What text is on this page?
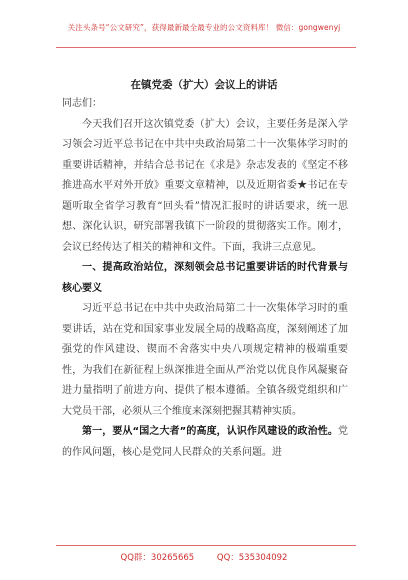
关注头条号“公文研究”，获得最新最全最专业的公文资料库！ 微信：gongwenyj
在镇党委（扩大）会议上的讲话

同志们：

今天我们召开这次镇党委（扩大）会议，主要任务是深入学习领会习近平总书记在中共中央政治局第二十一次集体学习时的重要讲话精神，并结合总书记在《求是》杂志发表的《坚定不移推进高水平对外开放》重要文章精神，以及近期省委★书记在专题听取全省学习教育“回头看”情况汇报时的讲话要求，统一思想、深化认识，研究部署我镇下一阶段的贯彻落实工作。刚才，会议已经传达了相关的精神和文件。下面，我讲三点意见。

一、提高政治站位，深刻领会总书记重要讲话的时代背景与核心要义

习近平总书记在中共中央政治局第二十一次集体学习时的重要讲话，站在党和国家事业发展全局的战略高度，深刻阐述了加强党的作风建设、锲而不舍落实中央八项规定精神的极端重要性，为我们在新征程上纵深推进全面从严治党以优良作风凝聚奋进力量指明了前进方向、提供了根本遵循。全镇各级党组织和广大党员干部，必须从三个维度来深刻把握其精神实质。

第一，要从“国之大者”的高度，认识作风建设的政治性。党的作风问题，核心是党同人民群众的关系问题。进

QQ群：30265665	QQ：535304092
